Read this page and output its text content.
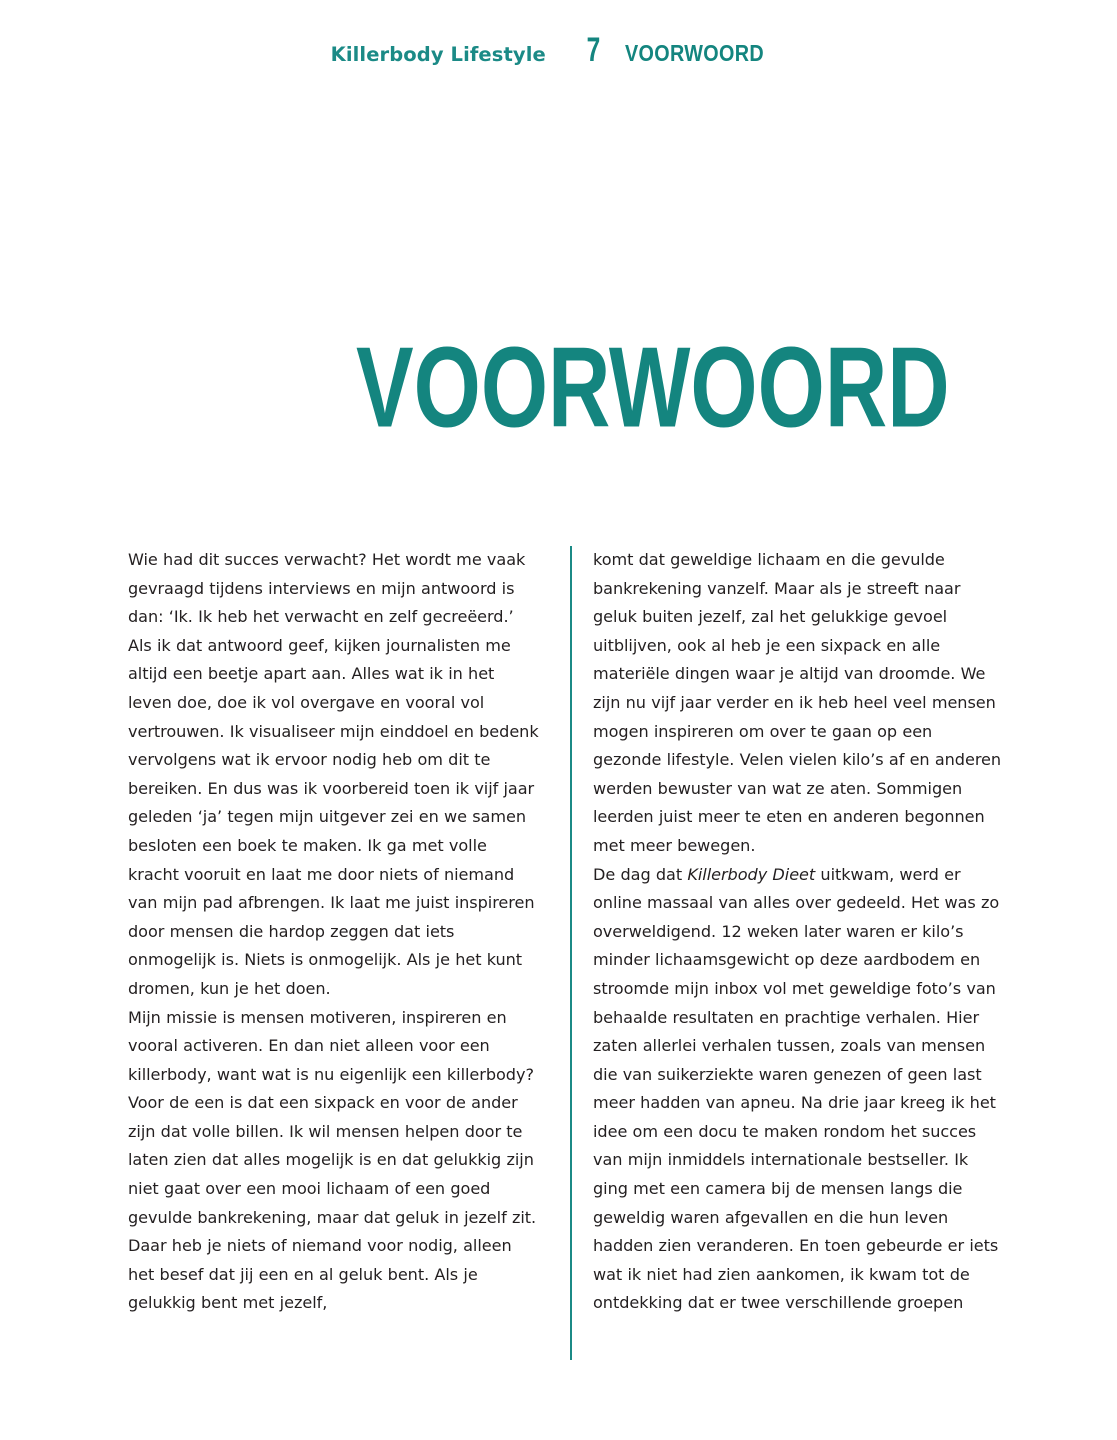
Killerbody Lifestyle 7 VOORWOORD
VOORWOORD

Wie had dit succes verwacht? Het wordt me vaak gevraagd tijdens interviews en mijn antwoord is dan: ‘Ik. Ik heb het verwacht en zelf gecreëerd.’ Als ik dat antwoord geef, kijken journalisten me altijd een beetje apart aan. Alles wat ik in het leven doe, doe ik vol overgave en vooral vol vertrouwen. Ik visualiseer mijn einddoel en bedenk vervolgens wat ik ervoor nodig heb om dit te bereiken. En dus was ik voorbereid toen ik vijf jaar geleden ‘ja’ tegen mijn uitgever zei en we samen besloten een boek te maken. Ik ga met volle kracht vooruit en laat me door niets of niemand van mijn pad afbrengen. Ik laat me juist inspireren door mensen die hardop zeggen dat iets onmogelijk is. Niets is onmogelijk. Als je het kunt dromen, kun je het doen.

Mijn missie is mensen motiveren, inspireren en vooral activeren. En dan niet alleen voor een killerbody, want wat is nu eigenlijk een killerbody? Voor de een is dat een sixpack en voor de ander zijn dat volle billen. Ik wil mensen helpen door te laten zien dat alles mogelijk is en dat gelukkig zijn niet gaat over een mooi lichaam of een goed gevulde bankrekening, maar dat geluk in jezelf zit. Daar heb je niets of niemand voor nodig, alleen het besef dat jij een en al geluk bent. Als je gelukkig bent met jezelf,

komt dat geweldige lichaam en die gevulde bankrekening vanzelf. Maar als je streeft naar geluk buiten jezelf, zal het gelukkige gevoel uitblijven, ook al heb je een sixpack en alle materiële dingen waar je altijd van droomde. We zijn nu vijf jaar verder en ik heb heel veel mensen mogen inspireren om over te gaan op een gezonde lifestyle. Velen vielen kilo’s af en anderen werden bewuster van wat ze aten. Sommigen leerden juist meer te eten en anderen begonnen met meer bewegen.

De dag dat Killerbody Dieet uitkwam, werd er online massaal van alles over gedeeld. Het was zo overweldigend. 12 weken later waren er kilo’s minder lichaamsgewicht op deze aardbodem en stroomde mijn inbox vol met geweldige foto’s van behaalde resultaten en prachtige verhalen. Hier zaten allerlei verhalen tussen, zoals van mensen die van suikerziekte waren genezen of geen last meer hadden van apneu. Na drie jaar kreeg ik het idee om een docu te maken rondom het succes van mijn inmiddels internationale bestseller. Ik ging met een camera bij de mensen langs die geweldig waren afgevallen en die hun leven hadden zien veranderen. En toen gebeurde er iets wat ik niet had zien aankomen, ik kwam tot de ontdekking dat er twee verschillende groepen
